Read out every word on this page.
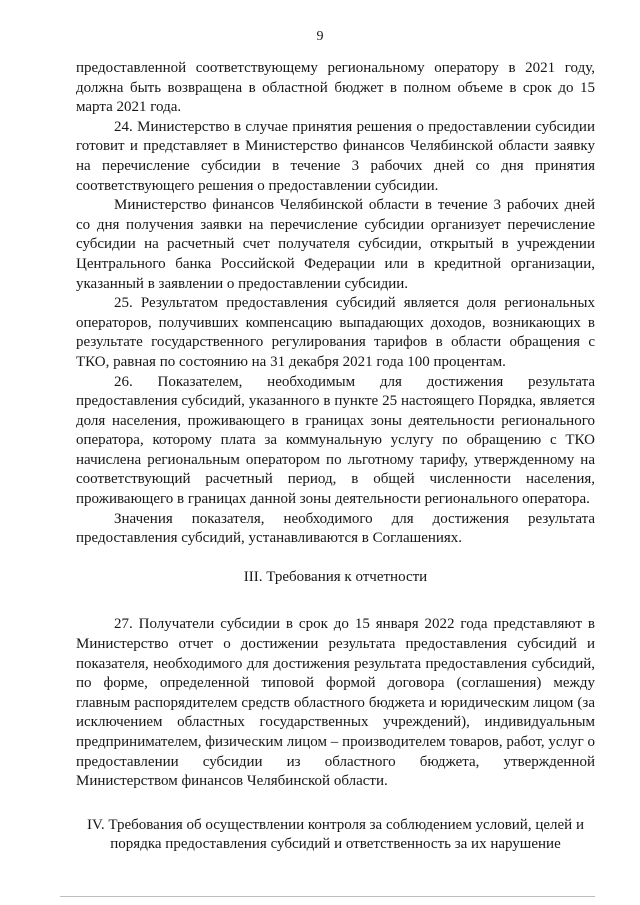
9

предоставленной соответствующему региональному оператору в 2021 году, должна быть возвращена в областной бюджет в полном объеме в срок до 15 марта 2021 года.

24. Министерство в случае принятия решения о предоставлении субсидии готовит и представляет в Министерство финансов Челябинской области заявку на перечисление субсидии в течение 3 рабочих дней со дня принятия соответствующего решения о предоставлении субсидии.

Министерство финансов Челябинской области в течение 3 рабочих дней со дня получения заявки на перечисление субсидии организует перечисление субсидии на расчетный счет получателя субсидии, открытый в учреждении Центрального банка Российской Федерации или в кредитной организации, указанный в заявлении о предоставлении субсидии.

25. Результатом предоставления субсидий является доля региональных операторов, получивших компенсацию выпадающих доходов, возникающих в результате государственного регулирования тарифов в области обращения с ТКО, равная по состоянию на 31 декабря 2021 года 100 процентам.

26. Показателем, необходимым для достижения результата предоставления субсидий, указанного в пункте 25 настоящего Порядка, является доля населения, проживающего в границах зоны деятельности регионального оператора, которому плата за коммунальную услугу по обращению с ТКО начислена региональным оператором по льготному тарифу, утвержденному на соответствующий расчетный период, в общей численности населения, проживающего в границах данной зоны деятельности регионального оператора.

Значения показателя, необходимого для достижения результата предоставления субсидий, устанавливаются в Соглашениях.

III. Требования к отчетности

27. Получатели субсидии в срок до 15 января 2022 года представляют в Министерство отчет о достижении результата предоставления субсидий и показателя, необходимого для достижения результата предоставления субсидий, по форме, определенной типовой формой договора (соглашения) между главным распорядителем средств областного бюджета и юридическим лицом (за исключением областных государственных учреждений), индивидуальным предпринимателем, физическим лицом – производителем товаров, работ, услуг о предоставлении субсидии из областного бюджета, утвержденной Министерством финансов Челябинской области.

IV. Требования об осуществлении контроля за соблюдением условий, целей и порядка предоставления субсидий и ответственность за их нарушение
